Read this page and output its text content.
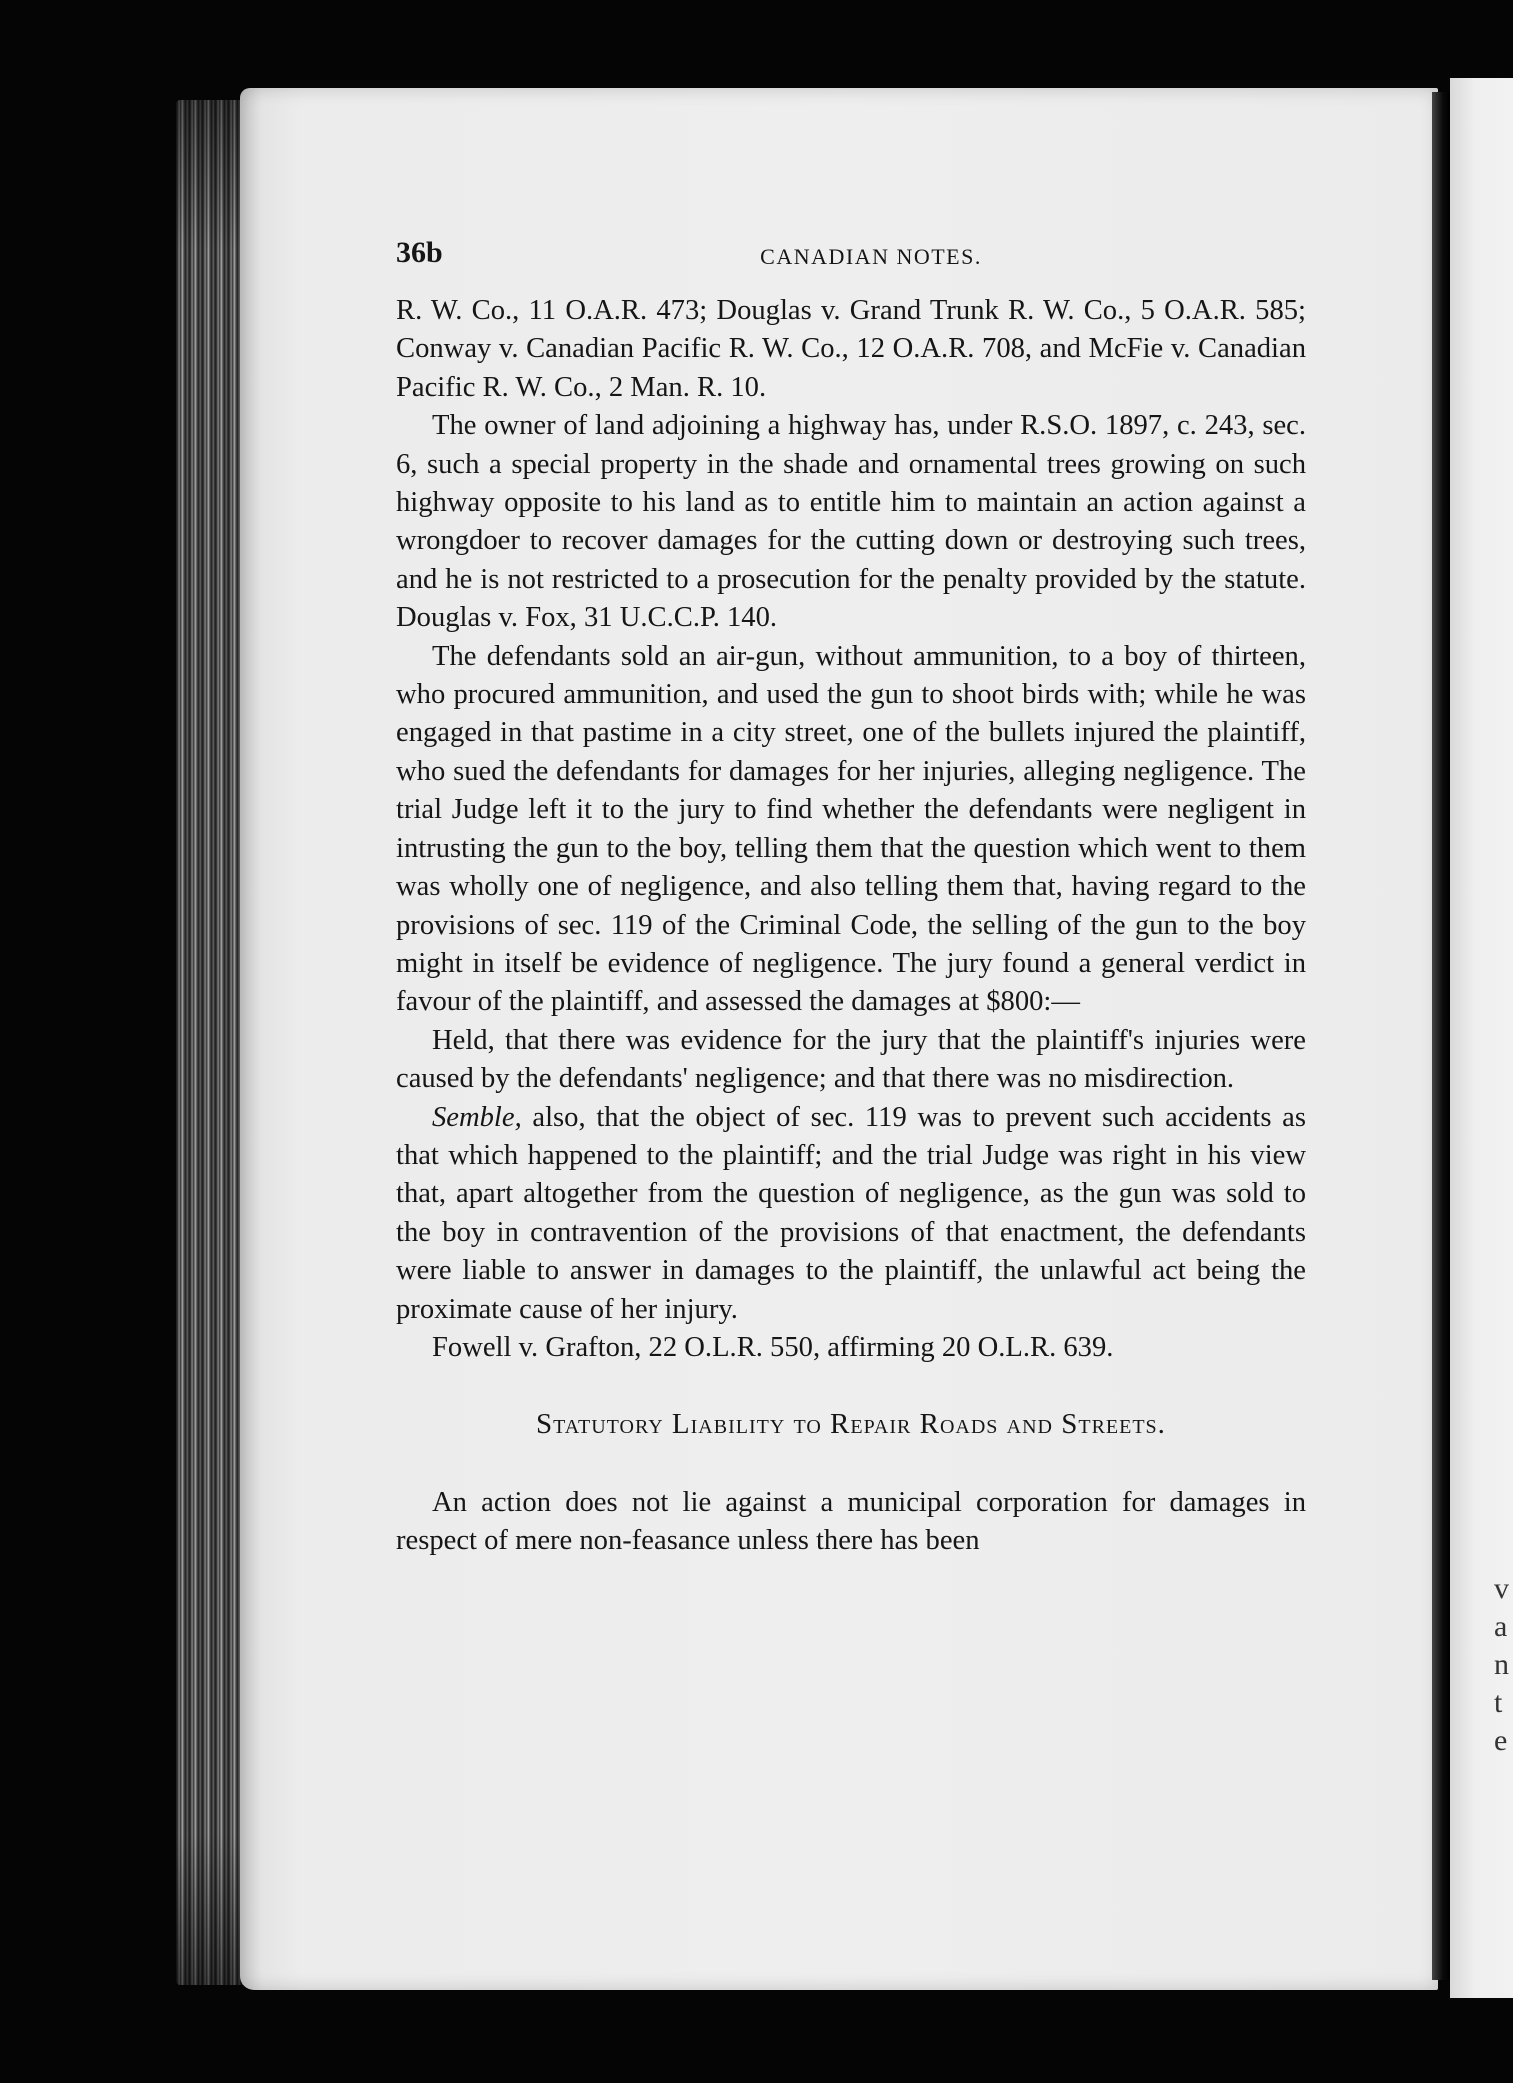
v
a
n
t
e
36b	CANADIAN NOTES.

R. W. Co., 11 O.A.R. 473; Douglas v. Grand Trunk R. W. Co., 5 O.A.R. 585; Conway v. Canadian Pacific R. W. Co., 12 O.A.R. 708, and McFie v. Canadian Pacific R. W. Co., 2 Man. R. 10.

The owner of land adjoining a highway has, under R.S.O. 1897, c. 243, sec. 6, such a special property in the shade and ornamental trees growing on such highway opposite to his land as to entitle him to maintain an action against a wrongdoer to recover damages for the cutting down or destroying such trees, and he is not restricted to a prosecution for the penalty provided by the statute. Douglas v. Fox, 31 U.C.C.P. 140.

The defendants sold an air-gun, without ammunition, to a boy of thirteen, who procured ammunition, and used the gun to shoot birds with; while he was engaged in that pastime in a city street, one of the bullets injured the plaintiff, who sued the defendants for damages for her injuries, alleging negligence. The trial Judge left it to the jury to find whether the defendants were negligent in intrusting the gun to the boy, telling them that the question which went to them was wholly one of negligence, and also telling them that, having regard to the provisions of sec. 119 of the Criminal Code, the selling of the gun to the boy might in itself be evidence of negligence. The jury found a general verdict in favour of the plaintiff, and assessed the damages at $800:—

Held, that there was evidence for the jury that the plaintiff's injuries were caused by the defendants' negligence; and that there was no misdirection.

Semble, also, that the object of sec. 119 was to prevent such accidents as that which happened to the plaintiff; and the trial Judge was right in his view that, apart altogether from the question of negligence, as the gun was sold to the boy in contravention of the provisions of that enactment, the defendants were liable to answer in damages to the plaintiff, the unlawful act being the proximate cause of her injury.

Fowell v. Grafton, 22 O.L.R. 550, affirming 20 O.L.R. 639.

Statutory Liability to Repair Roads and Streets.

An action does not lie against a municipal corporation for damages in respect of mere non-feasance unless there has been
